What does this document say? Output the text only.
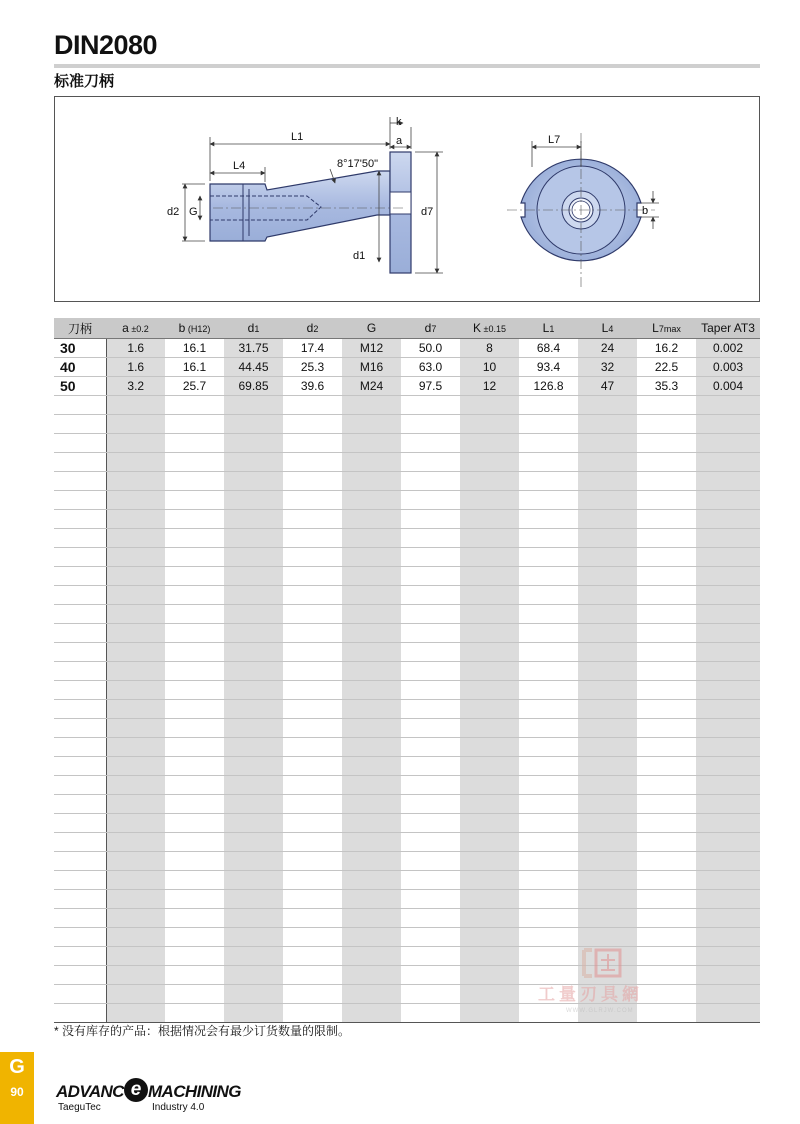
DIN2080
标准刀柄
L1
L4
k
a
8°17'50"
d2 G	d7
d1
L7
b
刀柄	a ±0.2	b (H12)	d1	d2	G	d7	K ±0.15	L1	L4	L7max	Taper AT3
30	1.6	16.1	31.75	17.4	M12	50.0	8	68.4	24	16.2	0.002
40	1.6	16.1	44.45	25.3	M16	63.0	10	93.4	32	22.5	0.003
50	3.2	25.7	69.85	39.6	M24	97.5	12	126.8	47	35.3	0.004

* 没有库存的产品：根据情况会有最少订货数量的限制。
G
90	ADVANC e MACHINING
TaeguTec	Industry 4.0
工量刃具網
WWW.GLRJW.COM
